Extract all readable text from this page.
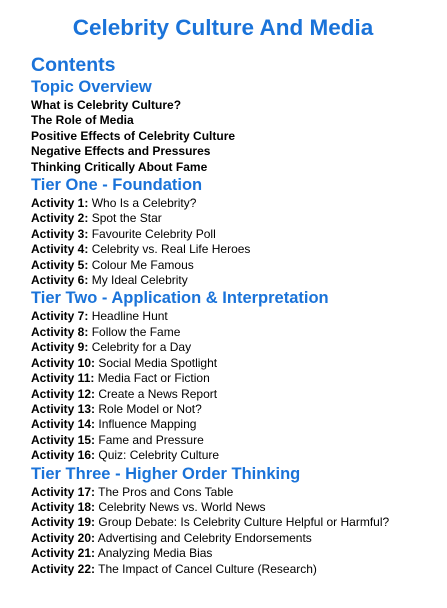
Celebrity Culture And Media
Contents
Topic Overview
What is Celebrity Culture?
The Role of Media
Positive Effects of Celebrity Culture
Negative Effects and Pressures
Thinking Critically About Fame
Tier One - Foundation
Activity 1: Who Is a Celebrity?
Activity 2: Spot the Star
Activity 3: Favourite Celebrity Poll
Activity 4: Celebrity vs. Real Life Heroes
Activity 5: Colour Me Famous
Activity 6: My Ideal Celebrity
Tier Two - Application & Interpretation
Activity 7: Headline Hunt
Activity 8: Follow the Fame
Activity 9: Celebrity for a Day
Activity 10: Social Media Spotlight
Activity 11: Media Fact or Fiction
Activity 12: Create a News Report
Activity 13: Role Model or Not?
Activity 14: Influence Mapping
Activity 15: Fame and Pressure
Activity 16: Quiz: Celebrity Culture
Tier Three - Higher Order Thinking
Activity 17: The Pros and Cons Table
Activity 18: Celebrity News vs. World News
Activity 19: Group Debate: Is Celebrity Culture Helpful or Harmful?
Activity 20: Advertising and Celebrity Endorsements
Activity 21: Analyzing Media Bias
Activity 22: The Impact of Cancel Culture (Research)
